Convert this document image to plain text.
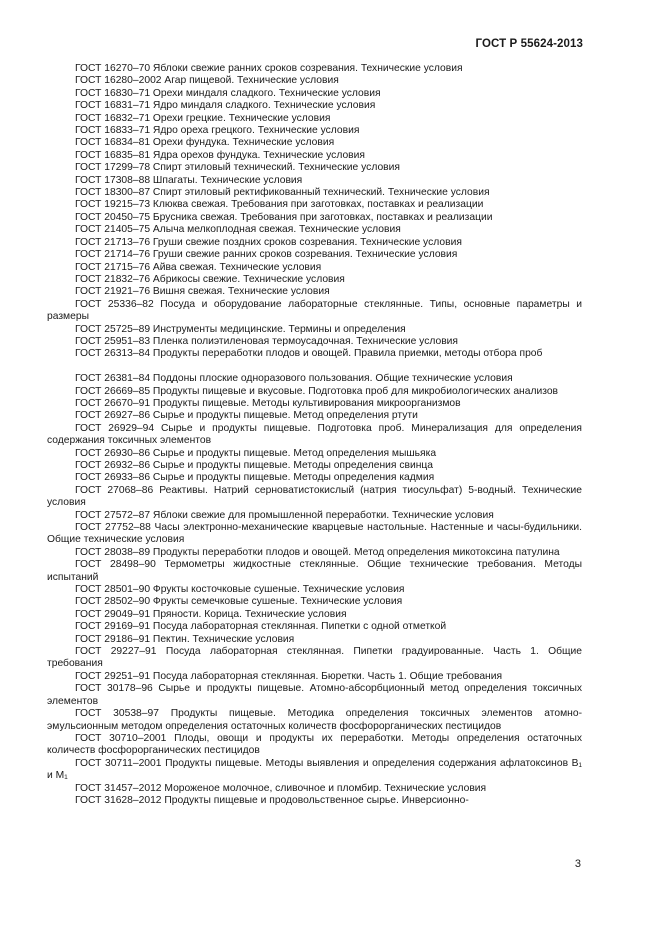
ГОСТ Р 55624-2013

ГОСТ 16270–70 Яблоки свежие ранних сроков созревания. Технические условия

ГОСТ 16280–2002 Агар пищевой. Технические условия

ГОСТ 16830–71 Орехи миндаля сладкого. Технические условия

ГОСТ 16831–71 Ядро миндаля сладкого. Технические условия

ГОСТ 16832–71 Орехи грецкие. Технические условия

ГОСТ 16833–71 Ядро ореха грецкого. Технические условия

ГОСТ 16834–81 Орехи фундука. Технические условия

ГОСТ 16835–81 Ядра орехов фундука. Технические условия

ГОСТ 17299–78 Спирт этиловый технический. Технические условия

ГОСТ 17308–88 Шпагаты. Технические условия

ГОСТ 18300–87 Спирт этиловый ректификованный технический. Технические условия

ГОСТ 19215–73 Клюква свежая. Требования при заготовках, поставках и реализации

ГОСТ 20450–75 Брусника свежая. Требования при заготовках, поставках и реализации

ГОСТ 21405–75 Алыча мелкоплодная свежая. Технические условия

ГОСТ 21713–76 Груши свежие поздних сроков созревания. Технические условия

ГОСТ 21714–76 Груши свежие ранних сроков созревания. Технические условия

ГОСТ 21715–76 Айва свежая. Технические условия

ГОСТ 21832–76 Абрикосы свежие. Технические условия

ГОСТ 21921–76 Вишня свежая. Технические условия

ГОСТ 25336–82 Посуда и оборудование лабораторные стеклянные. Типы, основные параметры и размеры

ГОСТ 25725–89 Инструменты медицинские. Термины и определения

ГОСТ 25951–83 Пленка полиэтиленовая термоусадочная. Технические условия

ГОСТ 26313–84 Продукты переработки плодов и овощей. Правила приемки, методы отбора проб

ГОСТ 26381–84 Поддоны плоские одноразового пользования. Общие технические условия

ГОСТ 26669–85 Продукты пищевые и вкусовые. Подготовка проб для микробиологических анализов

ГОСТ 26670–91 Продукты пищевые. Методы культивирования микроорганизмов

ГОСТ 26927–86 Сырье и продукты пищевые. Метод определения ртути

ГОСТ 26929–94 Сырье и продукты пищевые. Подготовка проб. Минерализация для определения содержания токсичных элементов

ГОСТ 26930–86 Сырье и продукты пищевые. Метод определения мышьяка

ГОСТ 26932–86 Сырье и продукты пищевые. Методы определения свинца

ГОСТ 26933–86 Сырье и продукты пищевые. Методы определения кадмия

ГОСТ 27068–86 Реактивы. Натрий серноватистокислый (натрия тиосульфат) 5-водный. Технические условия

ГОСТ 27572–87 Яблоки свежие для промышленной переработки. Технические условия

ГОСТ 27752–88 Часы электронно-механические кварцевые настольные. Настенные и часы-будильники. Общие технические условия

ГОСТ 28038–89 Продукты переработки плодов и овощей. Метод определения микотоксина патулина

ГОСТ 28498–90 Термометры жидкостные стеклянные. Общие технические требования. Методы испытаний

ГОСТ 28501–90 Фрукты косточковые сушеные. Технические условия

ГОСТ 28502–90 Фрукты семечковые сушеные. Технические условия

ГОСТ 29049–91 Пряности. Корица. Технические условия

ГОСТ 29169–91 Посуда лабораторная стеклянная. Пипетки с одной отметкой

ГОСТ 29186–91 Пектин. Технические условия

ГОСТ 29227–91 Посуда лабораторная стеклянная. Пипетки градуированные. Часть 1. Общие требования

ГОСТ 29251–91 Посуда лабораторная стеклянная. Бюретки. Часть 1. Общие требования

ГОСТ 30178–96 Сырье и продукты пищевые. Атомно-абсорбционный метод определения токсичных элементов

ГОСТ 30538–97 Продукты пищевые. Методика определения токсичных элементов атомно-эмульсионным методом определения остаточных количеств фосфорорганических пестицидов

ГОСТ 30710–2001 Плоды, овощи и продукты их переработки. Методы определения остаточных количеств фосфорорганических пестицидов

ГОСТ 30711–2001 Продукты пищевые. Методы выявления и определения содержания афлатоксинов B₁ и M₁

ГОСТ 31457–2012 Мороженое молочное, сливочное и пломбир. Технические условия

ГОСТ 31628–2012 Продукты пищевые и продовольственное сырье. Инверсионно-

3
